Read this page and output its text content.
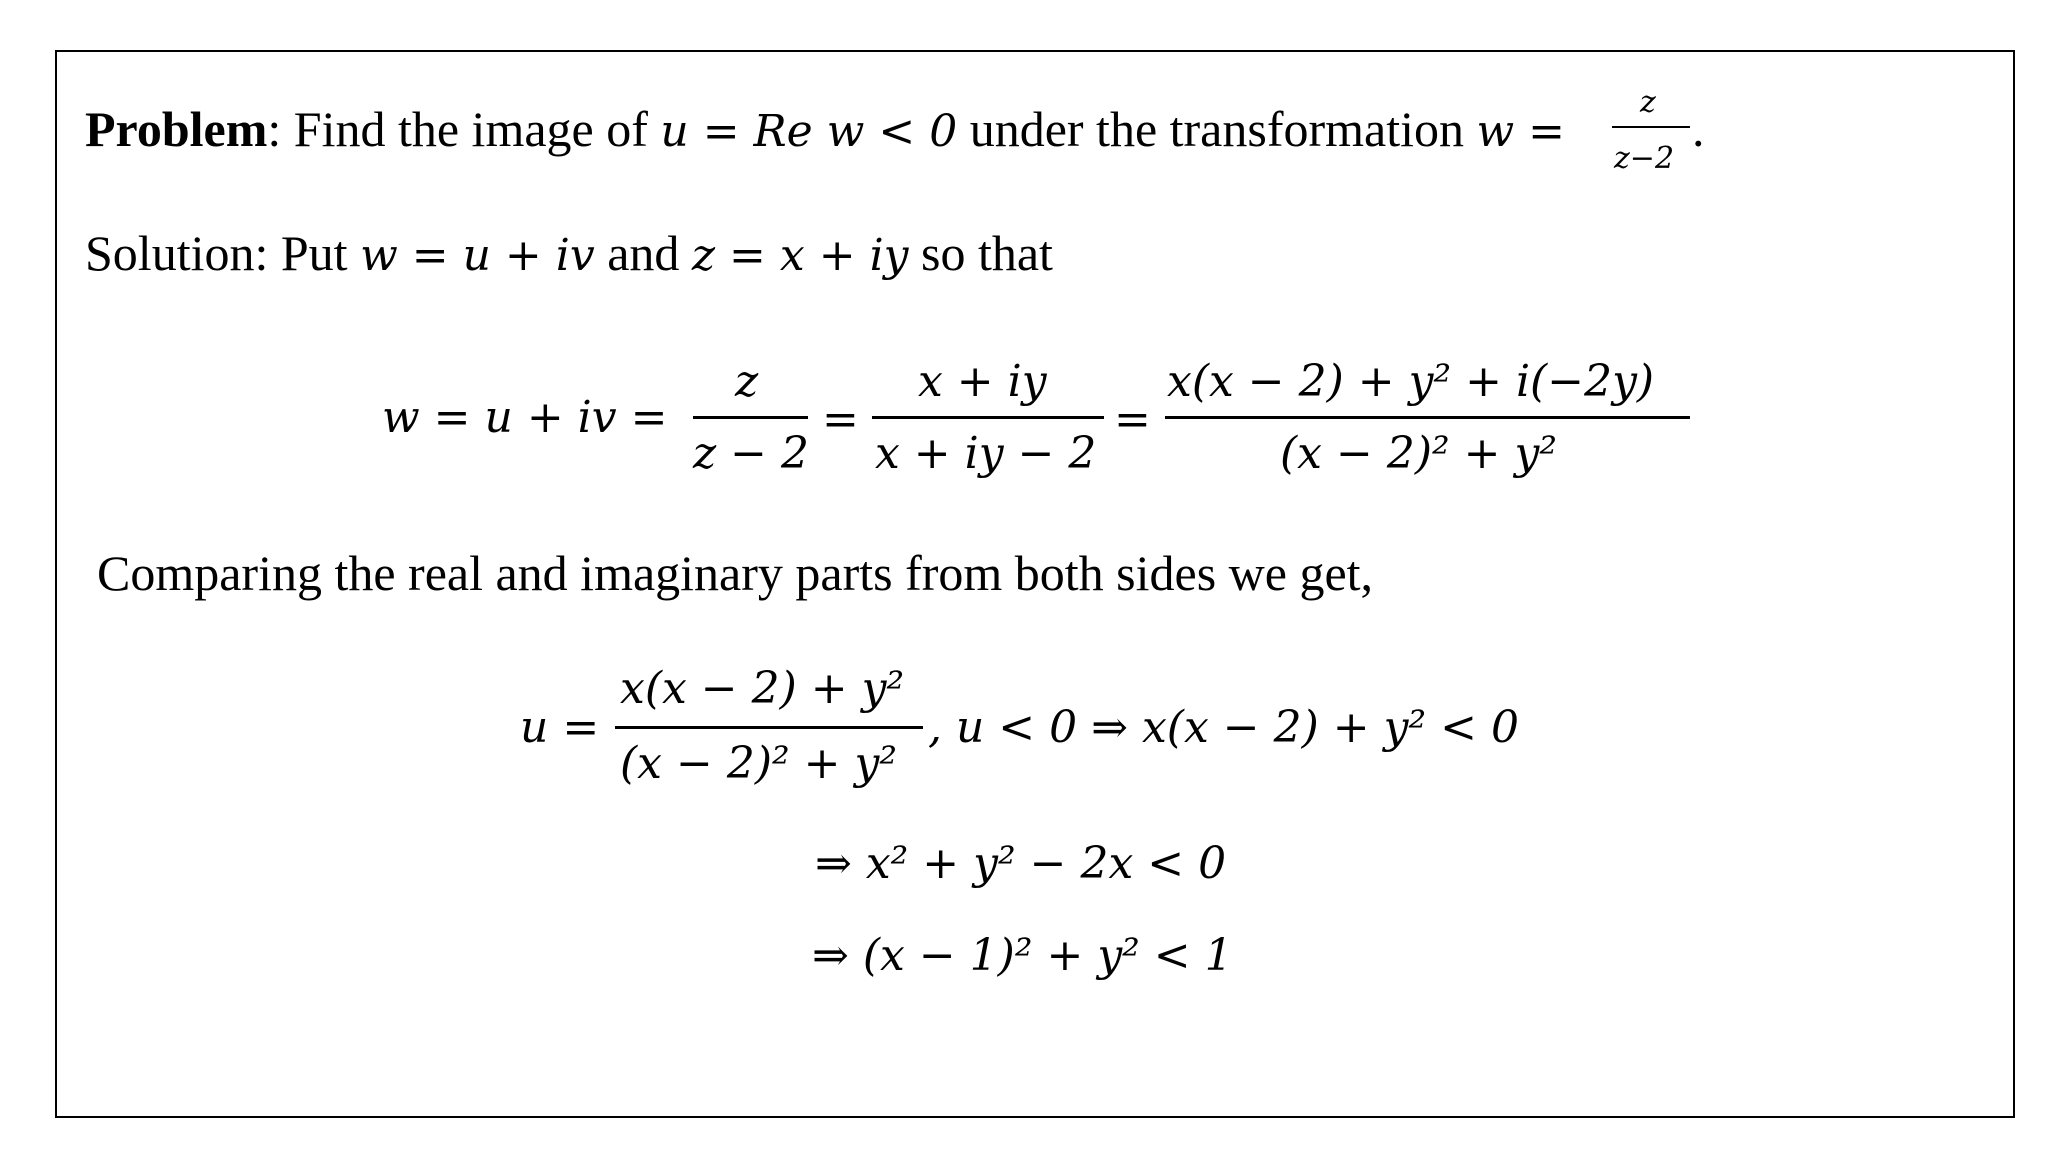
Problem: Find the image of u = Re w < 0 under the transformation w =
z
z−2
.
Solution: Put w = u + iv and z = x + iy so that
w = u + iv =
z
z − 2
=
x + iy
x + iy − 2
=
x(x − 2) + y² + i(−2y)
(x − 2)² + y²
Comparing the real and imaginary parts from both sides we get,
u =
x(x − 2) + y²
(x − 2)² + y²
, u < 0 ⇒ x(x − 2) + y² < 0
⇒ x² + y² − 2x < 0
⇒ (x − 1)² + y² < 1
